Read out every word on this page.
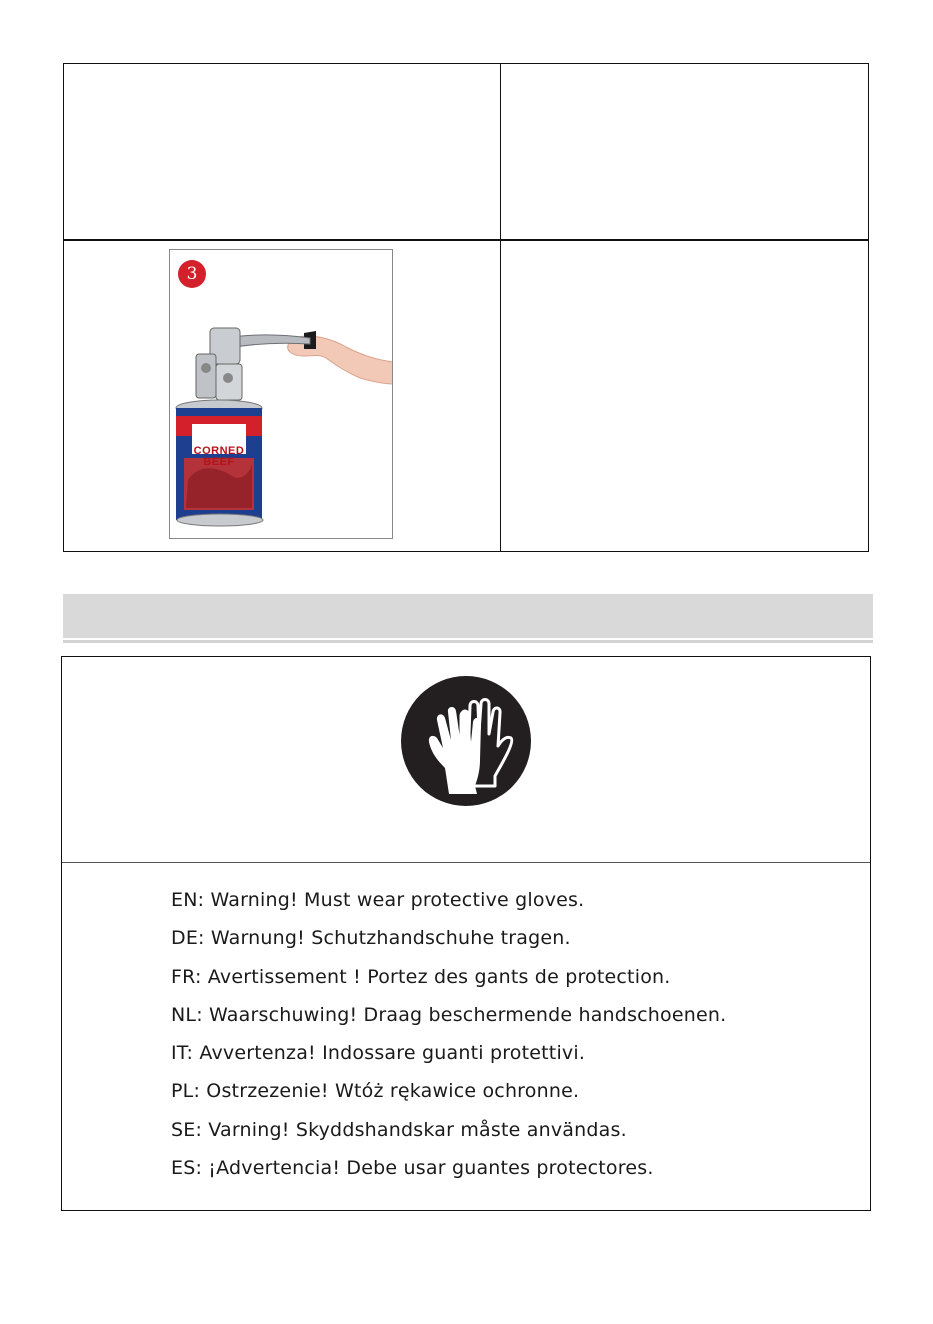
3
CORNED BEEF
EN: Warning! Must wear protective gloves.
DE: Warnung! Schutzhandschuhe tragen.
FR: Avertissement ! Portez des gants de protection.
NL: Waarschuwing! Draag beschermende handschoenen.
IT: Avvertenza! Indossare guanti protettivi.
PL: Ostrzezenie! Wtóż rękawice ochronne.
SE: Varning! Skyddshandskar måste användas.
ES: ¡Advertencia! Debe usar guantes protectores.
